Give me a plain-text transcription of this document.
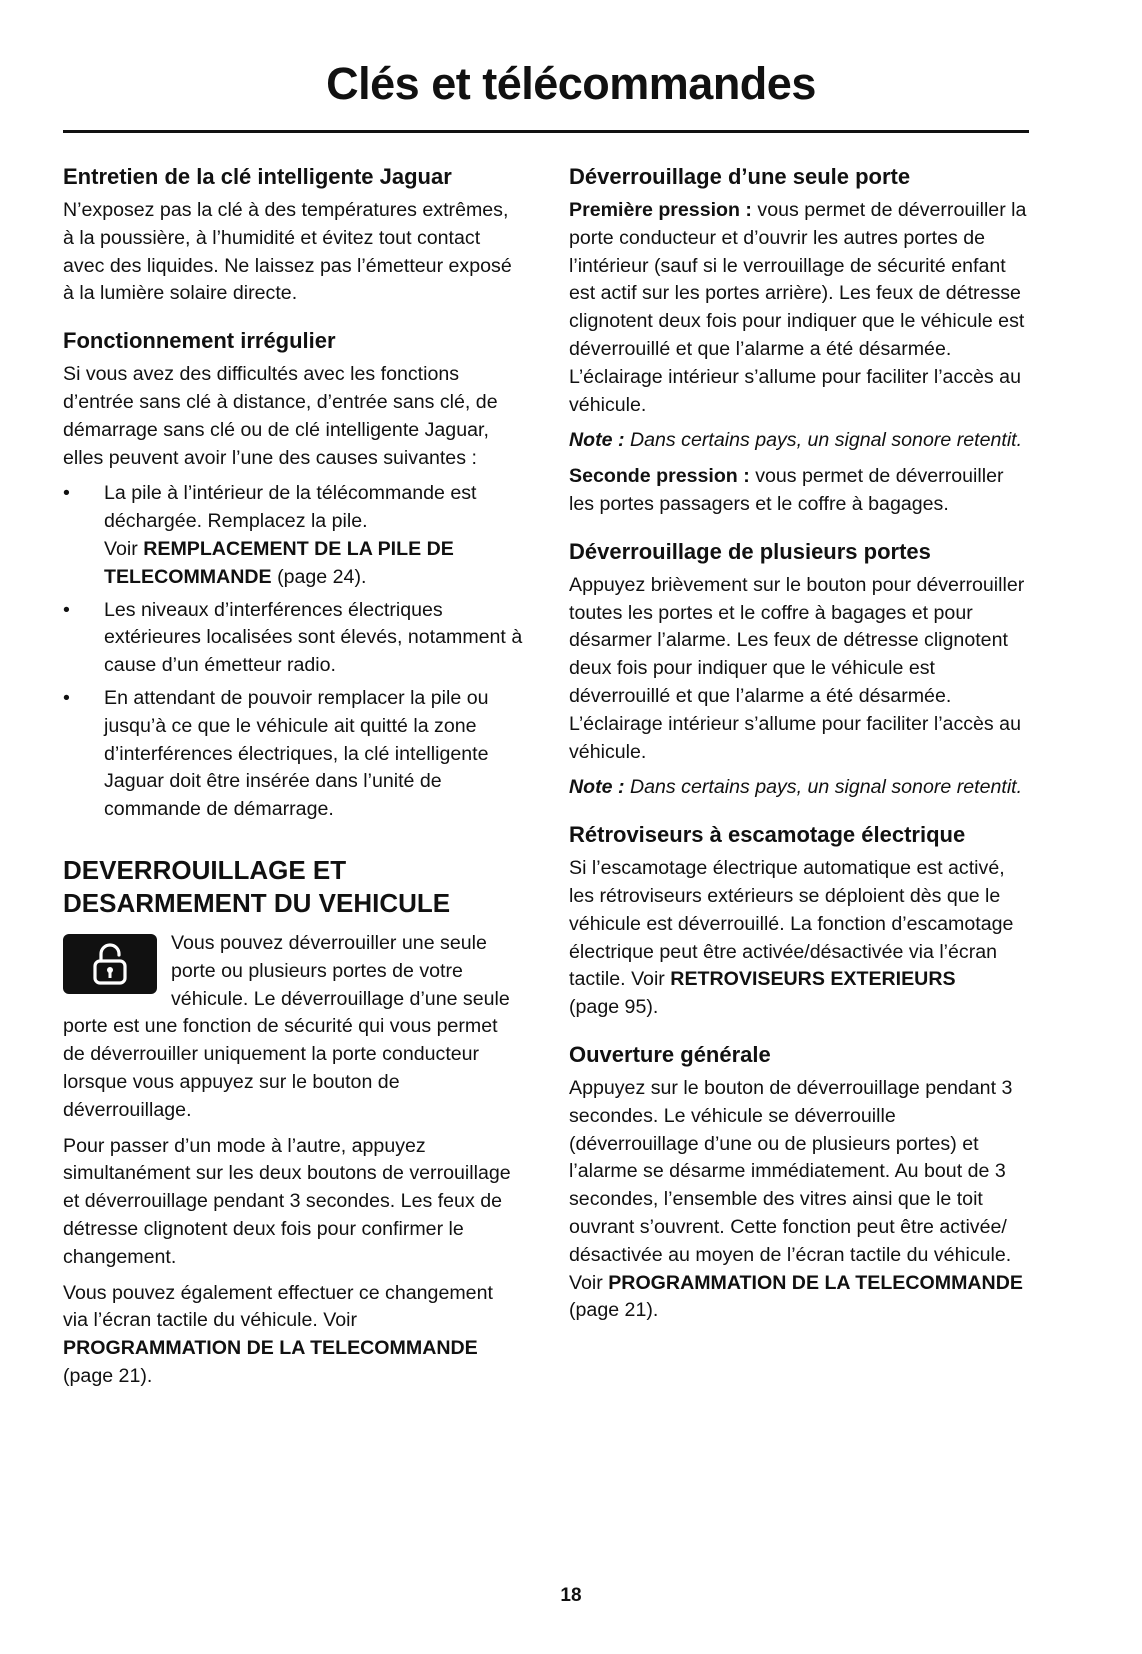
Clés et télécommandes
Entretien de la clé intelligente Jaguar

N’exposez pas la clé à des températures extrêmes, à la poussière, à l’humidité et évitez tout contact avec des liquides. Ne laissez pas l’émetteur exposé à la lumière solaire directe.

Fonctionnement irrégulier

Si vous avez des difficultés avec les fonctions d’entrée sans clé à distance, d’entrée sans clé, de démarrage sans clé ou de clé intelligente Jaguar, elles peuvent avoir l’une des causes suivantes :

• La pile à l’intérieur de la télécommande est déchargée. Remplacez la pile.
Voir REMPLACEMENT DE LA PILE DE TELECOMMANDE (page 24).
• Les niveaux d’interférences électriques extérieures localisées sont élevés, notamment à cause d’un émetteur radio.
• En attendant de pouvoir remplacer la pile ou jusqu’à ce que le véhicule ait quitté la zone d’interférences électriques, la clé intelligente Jaguar doit être insérée dans l’unité de commande de démarrage.
DEVERROUILLAGE ET DESARMEMENT DU VEHICULE

Vous pouvez déverrouiller une seule porte ou plusieurs portes de votre véhicule. Le déverrouillage d’une seule porte est une fonction de sécurité qui vous permet de déverrouiller uniquement la porte conducteur lorsque vous appuyez sur le bouton de déverrouillage.

Pour passer d’un mode à l’autre, appuyez simultanément sur les deux boutons de verrouillage et déverrouillage pendant 3 secondes. Les feux de détresse clignotent deux fois pour confirmer le changement.

Vous pouvez également effectuer ce changement via l’écran tactile du véhicule. Voir PROGRAMMATION DE LA TELECOMMANDE (page 21).

Déverrouillage d’une seule porte

Première pression : vous permet de déverrouiller la porte conducteur et d’ouvrir les autres portes de l’intérieur (sauf si le verrouillage de sécurité enfant est actif sur les portes arrière). Les feux de détresse clignotent deux fois pour indiquer que le véhicule est déverrouillé et que l’alarme a été désarmée. L’éclairage intérieur s’allume pour faciliter l’accès au véhicule.

Note : Dans certains pays, un signal sonore retentit.

Seconde pression : vous permet de déverrouiller les portes passagers et le coffre à bagages.

Déverrouillage de plusieurs portes

Appuyez brièvement sur le bouton pour déverrouiller toutes les portes et le coffre à bagages et pour désarmer l’alarme. Les feux de détresse clignotent deux fois pour indiquer que le véhicule est déverrouillé et que l’alarme a été désarmée. L’éclairage intérieur s’allume pour faciliter l’accès au véhicule.

Note : Dans certains pays, un signal sonore retentit.

Rétroviseurs à escamotage électrique

Si l’escamotage électrique automatique est activé, les rétroviseurs extérieurs se déploient dès que le véhicule est déverrouillé. La fonction d’escamotage électrique peut être activée/désactivée via l’écran tactile. Voir RETROVISEURS EXTERIEURS
(page 95).

Ouverture générale

Appuyez sur le bouton de déverrouillage pendant 3 secondes. Le véhicule se déverrouille (déverrouillage d’une ou de plusieurs portes) et l’alarme se désarme immédiatement. Au bout de 3 secondes, l’ensemble des vitres ainsi que le toit ouvrant s’ouvrent. Cette fonction peut être activée/ désactivée au moyen de l’écran tactile du véhicule. Voir PROGRAMMATION DE LA TELECOMMANDE
(page 21).

18
